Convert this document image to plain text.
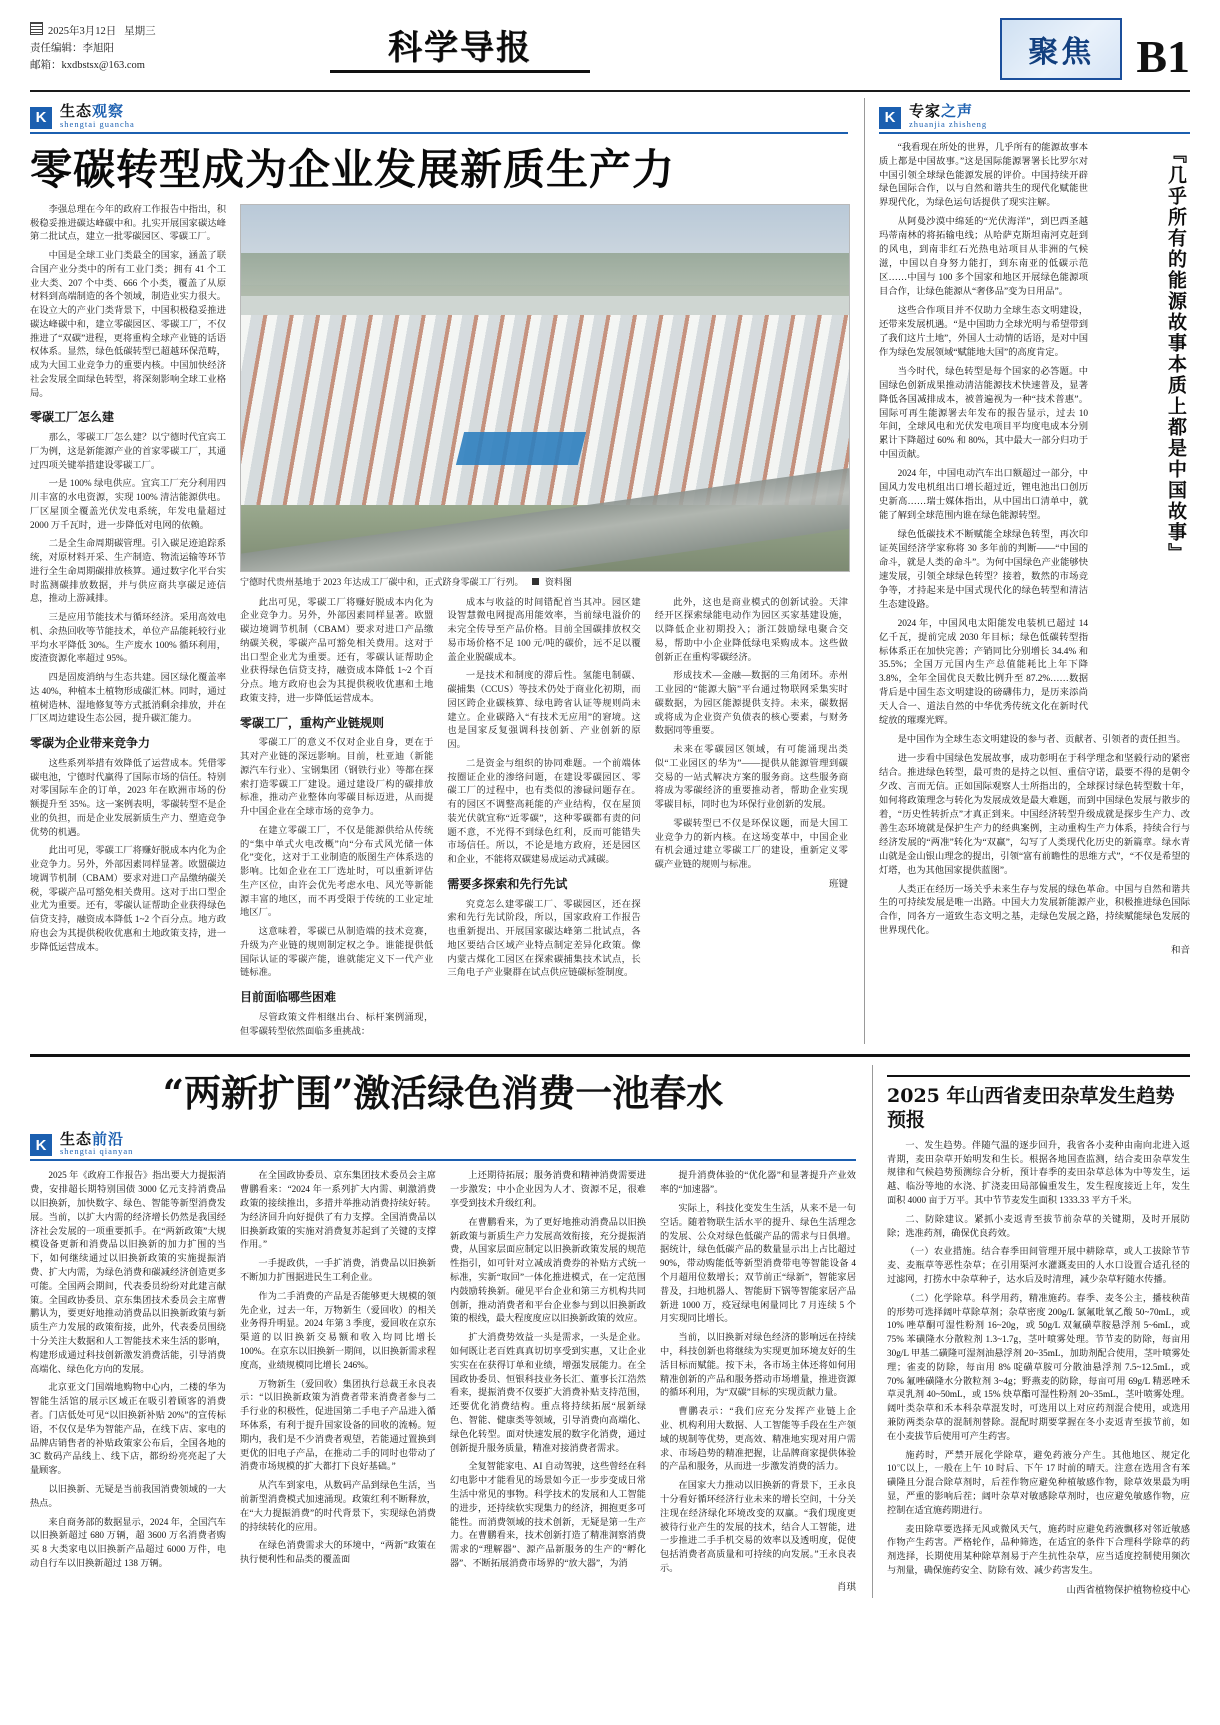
2025年3月12日 星期三
责任编辑：李旭阳
邮箱：kxdbstsx@163.com	科学导报	聚焦 B1
K 生态观察
shengtai guancha
零碳转型成为企业发展新质生产力

李强总理在今年的政府工作报告中指出，积极稳妥推进碳达峰碳中和。扎实开展国家碳达峰第二批试点，建立一批零碳园区、零碳工厂。

中国是全球工业门类最全的国家，涵盖了联合国产业分类中的所有工业门类；拥有 41 个工业大类、207 个中类、666 个小类，覆盖了从原材料到高端制造的各个领域，制造业实力很大。在设立大的产业门类背景下，中国积极稳妥推进碳达峰碳中和，建立零碳园区、零碳工厂，不仅推进了“双碳”进程，更将重构全球产业链的话语权体系。显然，绿色低碳转型已超越环保范畴，成为大国工业竞争力的重要内核。中国加快经济社会发展全面绿色转型，将深刻影响全球工业格局。

零碳工厂怎么建

那么，零碳工厂怎么建？以宁德时代宜宾工厂为例，这是新能源产业的首家零碳工厂，其通过四项关键举措建设零碳工厂。

一是 100% 绿电供应。宜宾工厂充分利用四川丰富的水电资源，实现 100% 清洁能源供电。厂区屋顶全覆盖光伏发电系统，年发电量超过 2000 万千瓦时，进一步降低对电网的依赖。

二是全生命周期碳管理。引入碳足迹追踪系统，对原材料开采、生产制造、物流运输等环节进行全生命周期碳排放核算。通过数字化平台实时监测碳排放数据，并与供应商共享碳足迹信息，推动上游减排。

三是应用节能技术与循环经济。采用高效电机、余热回收等节能技术，单位产品能耗较行业平均水平降低 30%。生产废水 100% 循环利用，废渣资源化率超过 95%。

四是固废消纳与生态共建。园区绿化覆盖率达 40%，种植本土植物形成碳汇林。同时，通过植树造林、湿地修复等方式抵消剩余排放，并在厂区周边建设生态公园，提升碳汇能力。

零碳为企业带来竞争力

这些系列举措有效降低了运营成本。凭借零碳电池，宁德时代赢得了国际市场的信任。特别对零国际车企的订单，2023 年在欧洲市场的份额提升至 35%。这一案例表明，零碳转型不是企业的负担，而是企业发展新质生产力、塑造竞争优势的机遇。

此出可见，零碳工厂将赚好脱成本内化为企业竞争力。另外，外部因素同样显著。欧盟碳边境调节机制（CBAM）要求对进口产品缴纳碳关税，零碳产品可豁免相关费用。这对于出口型企业尤为重要。还有，零碳认证帮助企业获得绿色信贷支持，融资成本降低 1~2 个百分点。地方政府也会为其提供税收优惠和土地政策支持，进一步降低运营成本。

宁德时代贵州基地于 2023 年达成工厂碳中和，正式跻身零碳工厂行列。 资料图

此出可见，零碳工厂将赚好脱成本内化为企业竞争力。另外，外部因素同样显著。欧盟碳边境调节机制（CBAM）要求对进口产品缴纳碳关税，零碳产品可豁免相关费用。这对于出口型企业尤为重要。还有，零碳认证帮助企业获得绿色信贷支持，融资成本降低 1~2 个百分点。地方政府也会为其提供税收优惠和土地政策支持，进一步降低运营成本。

零碳工厂，重构产业链规则

零碳工厂的意义不仅对企业自身，更在于其对产业链的深远影响。目前，杜亚迪（新能源汽车行业）、宝钢集团（钢铁行业）等都在探索打造零碳工厂建设。通过建设厂构的碳排放标准，推动产业整体向零碳目标迈进，从而提升中国企业在全球市场的竞争力。

在建立零碳工厂，不仅是能源供给从传统的“集中单式火电改概”向“分布式风光储一体化”变化，这对于工业制造的版图生产体系迭的影响。比如企业在工厂选址时，可以重新评估生产区位，由许会优先考虑水电、风光等新能源丰富的地区，而不再受限于传统的工业定址地区厂。

这意味着，零碳已从制造端的技术竞赛，升级为产业链的规则制定权之争。谁能提供低国际认证的零碳产能，谁就能定义下一代产业链标准。

目前面临哪些困难

尽管政策文件相继出台、标杆案例涌现，但零碳转型依然面临多重挑战：

成本与收益的时间错配首当其冲。园区建设智慧微电网提高用能效率，当前绿电溢价的未完全传导至产品价格。目前全国碳排放权交易市场价格不足 100 元/吨的碳价，远不足以覆盖企业脱碳成本。

一是技术和制度的滞后性。氢能电制碳、碳捕集（CCUS）等技术仍处于商业化初期，而园区跨企业碳核算、绿电跨省认证等规则尚未建立。企业碳路入“有技术无应用”的窘境。这也是国家反复强调科技创新、产业创新的原因。

二是资金与组织的协同难题。一个前端体按圈证企业的渗络问题，在建设零碳园区、零碳工厂的过程中，也有类似的渗碌问题存在。有的园区不调整高耗能的产业结构，仅在屋顶装光伏就宜称“近零碳”，这种零碳都有责的问题不意，不光得不到绿色红利，反而可能错失市场信任。所以，不论是地方政府，还是园区和企业，不能将双碳建易成运动式减碳。

需要多探索和先行先试

究竟怎么建零碳工厂、零碳园区，还在探索和先行先试阶段，所以，国家政府工作报告也重新提出、开展国家碳达峰第二批试点，各地区要结合区域产业特点制定差异化政策。像内蒙古煤化工园区在探索碳捕集技术试点，长三角电子产业聚群在试点供应链碳标签制度。

此外，这也是商业模式的创新试验。天津经开区探索绿能电动作为园区买家基建设施，以降低企业初期投入；浙江鼓励绿电聚合交易，帮助中小企业降低绿电采购成本。这些做创新正在重构零碳经济。

形成技术—金融—数据的三角闭环。赤州工业园的“能源大脑”平台通过物联网采集实时碳数据，为园区能源提供支持。未来，碳数据或将成为企业资产负债表的核心要素，与财务数据同等重要。

未来在零碳园区领域，有可能涌现出类似“工业园区的华为”——提供从能源管理到碳交易的一站式解决方案的服务商。这些服务商将成为零碳经济的重要推动者，帮助企业实现零碳目标，同时也为环保行业创新的发展。

零碳转型已不仅是环保议题，而是大国工业竞争力的新内核。在这场变革中，中国企业有机会通过建立零碳工厂的建设，重新定义零碳产业链的规则与标准。

班键
K 专家之声
zhuanjia zhisheng
『几乎所有的能源故事本质上都是中国故事』

“我看现在所处的世界，几乎所有的能源故事本质上都是中国故事。”这是国际能源署署长比罗尔对中国引领全球绿色能源发展的评价。中国持续开辟绿色国际合作，以与自然和谐共生的现代化赋能世界现代化，为绿色运句话提供了现实注解。

从阿曼沙漠中绵延的“光伏海洋”，到巴西圣越玛蒂南林的将拓输电线；从哈萨克斯坦南河克赶到的风电，到南非红石光热电站项目从非洲的气候滋，中国以自身努力能打，到东南亚的低碳示范区……中国与 100 多个国家和地区开展绿色能源项目合作，让绿色能源从“奢侈品”变为日用品”。

这些合作项目并不仅助力全球生态文明建设，还带来发展机遇。“是中国助力全球光明与希望带到了我们这片土地”，外国人士动情的话语，是对中国作为绿色发展领域“赋能地大国”的高度肯定。

当今时代，绿色转型是每个国家的必答题。中国绿色创新成果推动清洁能源技术快速普及，显著降低各国减排成本，被普遍视为一种“技术普惠”。国际可再生能源署去年发布的报告显示，过去 10 年间，全球风电和光伏发电项目平均度电成本分别累计下降超过 60% 和 80%，其中最大一部分归功于中国贡献。

2024 年，中国电动汽车出口额超过一部分，中国风力发电机组出口增长超过近，锂电池出口创历史新高……瑞士媒体指出，从中国出口清单中，就能了解到全球范围内谁在绿色能源转型。

绿色低碳技术不断赋能全球绿色转型，再次印证英国经济学家称将 30 多年前的判断——“中国的命斗，就是人类的命斗”。为何中国绿色产业能够快速发展，引领全球绿色转型？接着，数然的市场竞争等，才持起来是中国式现代化的绿色转型和清洁生态建设路。

2024 年，中国风电太阳能发电装机已超过 14 亿千瓦，提前完成 2030 年目标；绿色低碳转型指标体系正在加快完善；产销同比分别增长 34.4% 和 35.5%；全国万元国内生产总值能耗比上年下降 3.8%，全年全国优良天数比例升至 87.2%……数据背后是中国生态文明建设的磅礴伟力，是历来添尚天人合一、道法自然的中华优秀传统文化在新时代绽放的璀璨光辉。

是中国作为全球生态文明建设的参与者、贡献者、引领者的责任担当。

进一步看中国绿色发展故事，成功彰明在于科学理念和坚毅行动的紧密结合。推进绿色转型，最可贵的是持之以恒、重信守诺，最要不得的是朝令夕改、言而无信。正如国际观察人士所指出的，全球探讨绿色转型数十年，如何将政策理念与转化为发展成效是最大难题，而到中国绿色发展与散步的着，“历史性转折点”才真正到来。中国经济转型升级成就是探步生产力、改善生态环境就是保护生产力的经典案例，主动重构生产力体系，持续合行与经济发展的“两准”转化为“双赢”，勾写了人类现代化历史的新篇章。绿水青山就是金山银山理念的提出，引领“富有前瞻性的思维方式”，“不仅是希望的灯塔，也为其他国家提供蓝图”。

人类正在经历一场关乎未来生存与发展的绿色革命。中国与自然和谐共生的可持续发展是唯一出路。中国大力发展新能源产业，积极推进绿色国际合作，同各方一道致生态文明之基，走绿色发展之路，持续赋能绿色发展的世界现代化。

和音
“两新扩围”激活绿色消费一池春水
K 生态前沿
shengtai qianyan

2025 年《政府工作报告》指出要大力提振消费，安排超长期特别国债 3000 亿元支持消费品以旧换新，加快数字、绿色、智能等新型消费发展。当前，以扩大内需的经济增长仍然是我国经济社会发展的一项重要抓手。在“两新政策”大规模设备更新和消费品以旧换新的加力扩围的当下，如何继续通过以旧换新政策的实施提振消费、扩大内需，为绿色消费和碳减经济创造更多可能。全国两会期间，代表委员纷纷对此建言献策。全国政协委员、京东集团技术委员会主席曹鹏认为，要更好地推动消费品以旧换新政策与新质生产力发展的政策衔接，此外，代表委员围绕十分关注大数据和人工智能技术来生活的影响，构建形成通过科技创新激发消费活能，引导消费高端化、绿色化方向的发展。

北京亚文门国端地购物中心内，二楼的华为智能生活馆的展示区域正在吸引着顾客的消费者。门店低处可见“以旧换新补贴 20%”的宣传标语，不仅仅是华为智能产品，在线下店、家电的品牌店销售者的补贴政策家公布后，全国各地的 3C 数码产品线上、线下店，都纷纷亮亮起了大量顾客。

以旧换新、无疑是当前我国消费领域的一大热点。

来自商务部的数据显示，2024 年，全国汽车以旧换新超过 680 万辆，超 3600 万名消费者购买 8 大类家电以旧换新产品超过 6000 万件，电动自行车以旧换新超过 138 万辆。

在全国政协委员、京东集团技术委员会主席曹鹏看来：“2024 年一系列扩大内需、刺激消费政策的接续推出，多措并举推动消费持续好转。为经济回升向好提供了有力支撑。全国消费品以旧换新政策的实施对消费复苏起到了关键的支撑作用。”

一手提政供，一手扩消费，消费品以旧换新不断加力扩围据进民生工利企业。

作为二手消费的产品是否能够更大规模的领先企业，过去一年，万物新生（爱回收）的相关业务得升明显。2024 年第 3 季度，爱回收在京东渠道的以旧换新交易额和收入均同比增长 100%。在京东以旧换新一期间，以旧换新需求程度高，业绩规模同比增长 246%。

万物新生（爱回收）集团执行总裁王永良表示：“以旧换新政策为消费者带来消费者参与二手行业的积极性，促进国第二手电子产品进入循环体系，有利于提升国家设备的回收的流畅。短期内，我们是不少消费者观望，若能通过置换到更优的旧电子产品，在推动二手的同时也带动了消费市场规模的扩大都打下良好基础。”

从汽车到家电，从数码产品到绿色生活，当前新型消费模式加速涌现。政策红利不断释放，在“大力提振消费”的时代背景下，实现绿色消费的持续转化的应用。

在绿色消费需求大的环境中，“两新”政策在执行便利性和品类的覆盖面

上还期待拓展；服务消费和精神消费需要进一步激发；中小企业因为人才、资源不足，很难享受到技术升级红利。

在曹鹏看来，为了更好地推动消费品以旧换新政策与新质生产力发展高效衔接，充分提振消费，从国家层面应制定以旧换新政策发展的规范性指引，如可针对立减成消费券的补贴方式统一标准，实新“取回”一体化推进模式，在一定范围内鼓励转换新。碰见平台企业和第三方机构共同创新，推动消费者和平台企业参与到以旧换新政策的根线，最大程度度应以旧换新政策的效应。

扩大消费势效益一头是需求，一头是企业。如何既让老百姓真真切切享受到实惠，又让企业实实在在获得订单和业绩，增强发展能力。在全国政协委员、恒银科技业务长汇、董事长江浩然看来，提振消费不仅要扩大消费补贴支持范围，还要优化消费结构。重点将持续拓展“展新绿色、智能、健康类等领域，引导消费向高端化、绿色化转型。面对快速发展的数字化消费，通过创新提升服务质量，精准对接消费者需求。

全复智能家电、AI 自动驾驶，这些曾经在科幻电影中才能看见的场景如今正一步步变成日常生活中常见的事物。科学技术的发展和人工智能的进步，还持续软实现集力的经济，拥抱更多可能性。而消费领域的技术创新，无疑是第一生产力。在曹鹏看来，技术创新打造了精准洞察消费需求的“理解器”、源产品新服务的生产的“孵化器”、不断拓展消费市场界的“放大器”，为消

提升消费体验的“优化器”和显著提升产业效率的“加速器”。

实际上，科技化变发生生活，从来不是一句空话。随着物联生活水平的提升、绿色生活理念的发展、公众对绿色低碳产品的需求与日俱增。据统计，绿色低碳产品的数量显示出上占比超过 90%，带动购能低等新型消费带电等智能设备 4 个月超用位数增长；双节前正“绿新”，智能家居普及，扫地机器人、智能厨下锅等智能家居产品新进 1000 万，疫冠绿电闲量同比 7 月连续 5 个月实现同比增长。

当前，以旧换新对绿色经济的影响远在持续中，科技创新也将继续为实现更加环境友好的生活目标而赋能。按下未，各市场主体还将如何用精准创新的产品和服务搭动市场增量，推进资源的循环利用，为“双碳”目标的实现贡献力量。

曹鹏表示：“我们应充分发挥产业链上企业、机构利用大数据、人工智能等手段在生产领域的规制等优势，更高效、精准地实现对用户需求、市场趋势的精准把握，让品牌商家提供体验的产品和服务，从而进一步激发消费的活力。

在国家大力推动以旧换新的背景下，王永良十分看好循环经济行业未来的增长空间，十分关注现在经济绿化环境改变的双赢。“我们现度更被待行业产生的发展的技术，结合人工智能，进一步推进二手手机交易的效率以及透明度，促使包括消费者高质量和可持续的向发展。”王永良表示。

肖琪
2025 年山西省麦田杂草发生趋势预报

一、发生趋势。伴随气温的逐步回升，我省各小麦种由南向北进入返青期，麦田杂草开始明发和生长。根据各地国查监测，结合麦田杂草发生规律和气候趋势预测综合分析，预计春季的麦田杂草总体为中等发生，运越、临汾等地的水浇、扩浇麦田局部偏重发生，发生程度接近上年，发生面积 4000 亩于万平。其中节节麦发生面积 1333.33 平方千米。

二、防除建议。紧抓小麦返青至拔节前杂草的关键期，及时开展防除；选准药剂，确保优良药效。

（一）农业措施。结合春季田间管理开展中耕除草，或人工拔除节节麦、麦瓶草等恶性杂草；在引用渠河水灌溉麦田的人水口设置合适孔径的过滤网，打捞水中杂草种子，达水后及时清理，减少杂草籽随水传播。

（二）化学除草。科学用药，精准施药。春季、麦冬公主，播枝秧苗的形势可选择阔叶草除草剂；杂草密度 200g/L 氯氟吡氧乙酸 50~70mL，或 10% 唑草酮可湿性粉剂 16~20g，或 50g/L 双氟磺草胺悬浮剂 5~6mL，或 75% 苯磺隆水分散粒剂 1.3~1.7g，茎叶喷雾处理。节节麦的防除，每亩用 30g/L 甲基二磺隆可湿剂油悬浮剂 20~35mL，加助剂配合使用，茎叶喷雾处理；雀麦的防除，每亩用 8% 啶磺草胺可分散油悬浮剂 7.5~12.5mL，或 70% 氟唑磺隆水分散粒剂 3~4g；野燕麦的防除，每亩可用 69g/L 精恶唑禾草灵乳剂 40~50mL，或 15% 炔草酯可湿性粉剂 20~35mL，茎叶喷雾处理。阔叶类杂草和禾本科杂草混发时，可选用以上对应药剂混合使用，或选用兼防两类杂草的混制剂替除。混配时期要掌握在冬小麦返青至拔节前，如在小麦拔节后使用可产生药害。

施药时，严禁开展化学除草，避免药液分产生。其他地区、规定化 10℃以上，一般在上午 10 时后、下午 17 时前的晴天。注意在选用含有苯磺隆且分混合除草剂时，后茬作物应避免种植敏感作物，除草效果最为明显，严重的影响后茬；阔叶杂草对敏感除草剂时，也应避免敏感作物，应控制在适宜施药期进行。

麦田除草要选择无风或微风天气，施药时应避免药液飘移对邻近敏感作物产生药害。严格轮作，品种筛选，在适宜的条件下合理科学除草的药剂选择，长期使用某种除草剂易于产生抗性杂草，应当适度控制使用频次与剂量，确保施药安全、防除有效、减少药害发生。

山西省植物保护植物检疫中心
